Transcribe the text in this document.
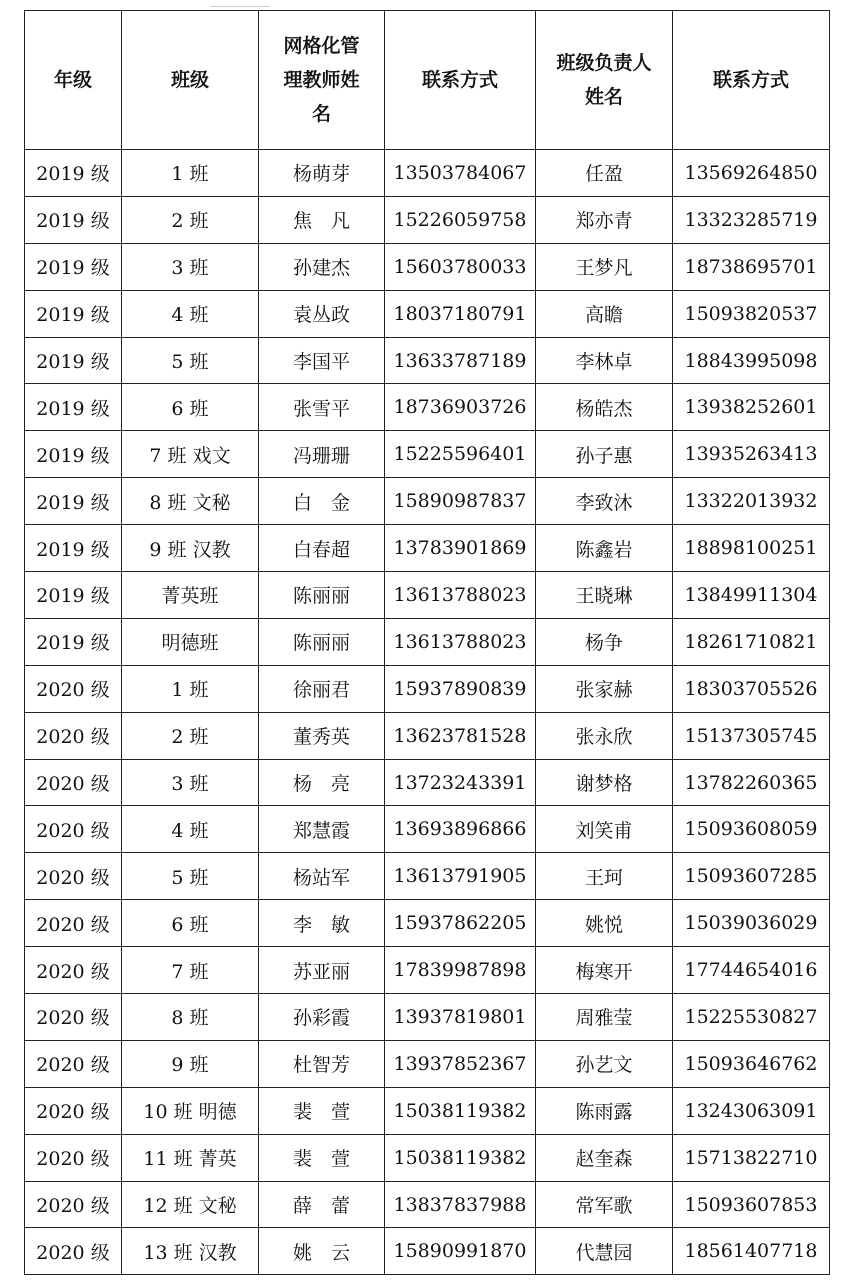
年级	班级	网格化管理教师姓名	联系方式	班级负责人姓名	联系方式
2019 级	1 班	杨萌芽	13503784067	任盈	13569264850
2019 级	2 班	焦　凡	15226059758	郑亦青	13323285719
2019 级	3 班	孙建杰	15603780033	王梦凡	18738695701
2019 级	4 班	袁丛政	18037180791	高瞻	15093820537
2019 级	5 班	李国平	13633787189	李林卓	18843995098
2019 级	6 班	张雪平	18736903726	杨皓杰	13938252601
2019 级	7 班 戏文	冯珊珊	15225596401	孙子惠	13935263413
2019 级	8 班 文秘	白　金	15890987837	李致沐	13322013932
2019 级	9 班 汉教	白春超	13783901869	陈鑫岩	18898100251
2019 级	菁英班	陈丽丽	13613788023	王晓琳	13849911304
2019 级	明德班	陈丽丽	13613788023	杨争	18261710821
2020 级	1 班	徐丽君	15937890839	张家赫	18303705526
2020 级	2 班	董秀英	13623781528	张永欣	15137305745
2020 级	3 班	杨　亮	13723243391	谢梦格	13782260365
2020 级	4 班	郑慧霞	13693896866	刘笑甫	15093608059
2020 级	5 班	杨站军	13613791905	王珂	15093607285
2020 级	6 班	李　敏	15937862205	姚悦	15039036029
2020 级	7 班	苏亚丽	17839987898	梅寒开	17744654016
2020 级	8 班	孙彩霞	13937819801	周雅莹	15225530827
2020 级	9 班	杜智芳	13937852367	孙艺文	15093646762
2020 级	10 班 明德	裴　萱	15038119382	陈雨露	13243063091
2020 级	11 班 菁英	裴　萱	15038119382	赵奎森	15713822710
2020 级	12 班 文秘	薛　蕾	13837837988	常军歌	15093607853
2020 级	13 班 汉教	姚　云	15890991870	代慧园	18561407718
